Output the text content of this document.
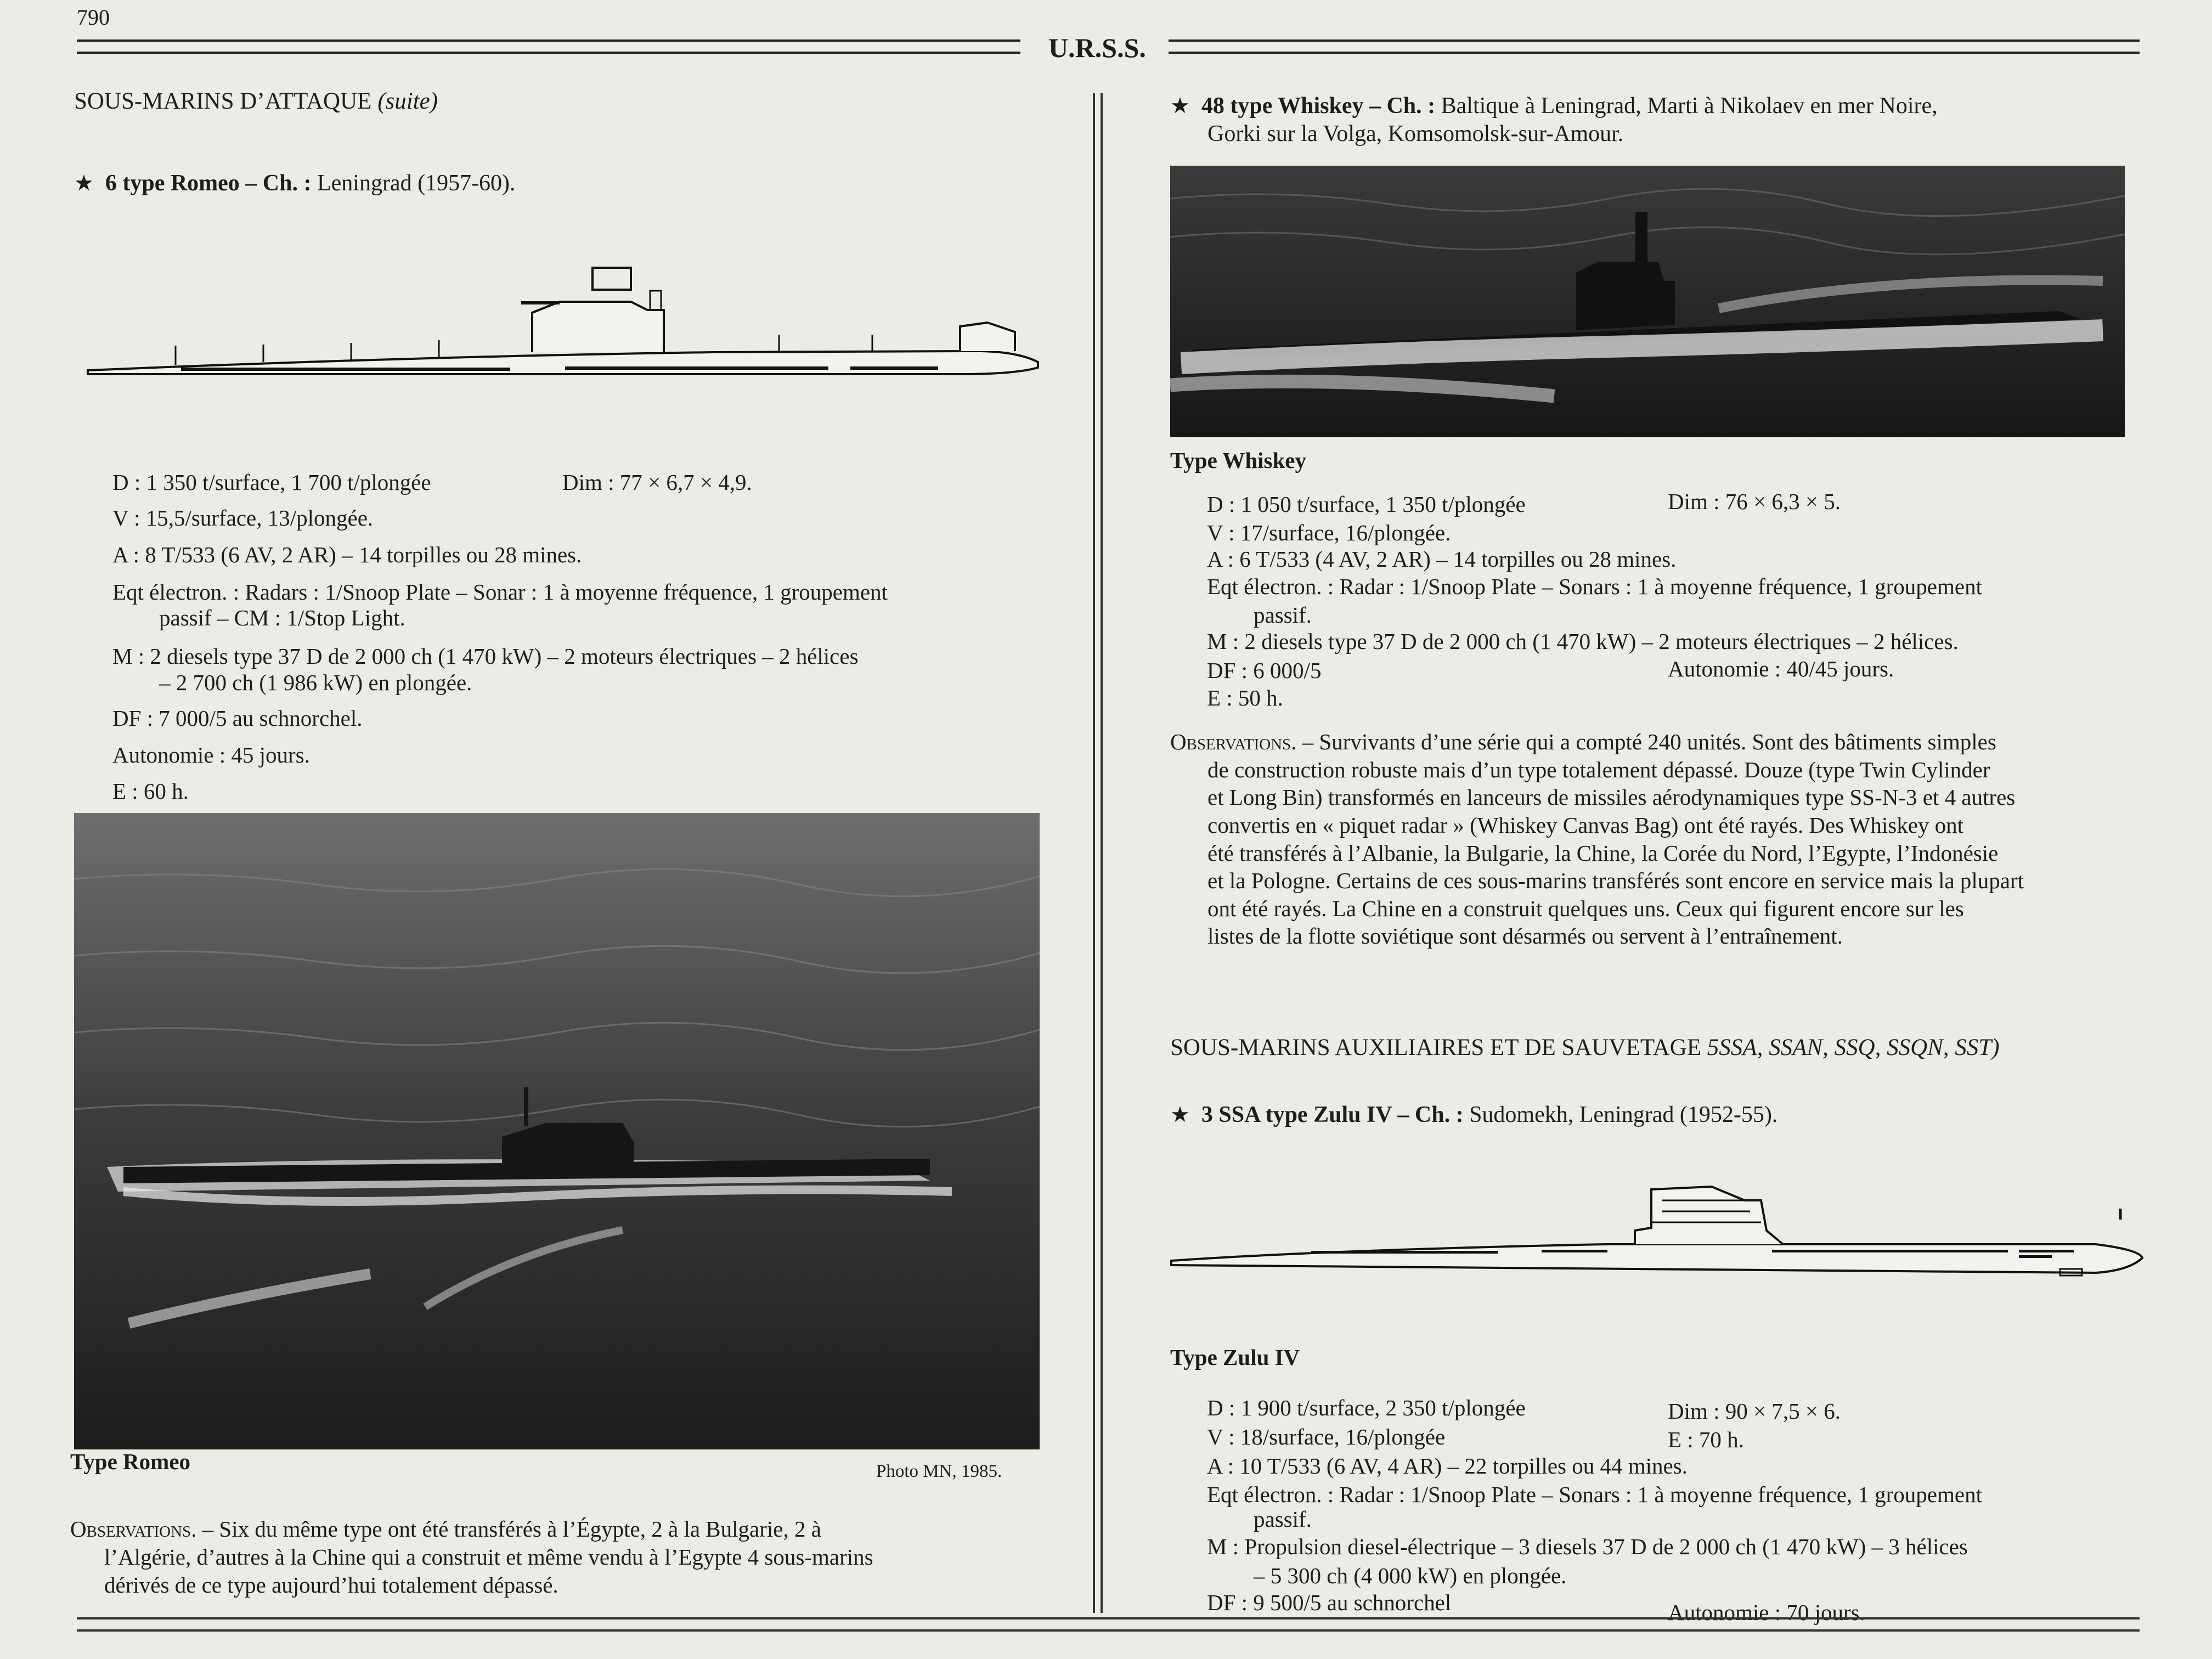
790
U.R.S.S.
SOUS-MARINS D’ATTAQUE (suite)
★ 6 type Romeo – Ch. : Leningrad (1957-60).
D : 1 350 t/surface, 1 700 t/plongée	Dim : 77 × 6,7 × 4,9.
V : 15,5/surface, 13/plongée.
A : 8 T/533 (6 AV, 2 AR) – 14 torpilles ou 28 mines.
Eqt électron. : Radars : 1/Snoop Plate – Sonar : 1 à moyenne fréquence, 1 groupement
passif – CM : 1/Stop Light.
M : 2 diesels type 37 D de 2 000 ch (1 470 kW) – 2 moteurs électriques – 2 hélices
– 2 700 ch (1 986 kW) en plongée.
DF : 7 000/5 au schnorchel.
Autonomie : 45 jours.
E : 60 h.
Type Romeo	Photo MN, 1985.
Observations. – Six du même type ont été transférés à l’Égypte, 2 à la Bulgarie, 2 à
l’Algérie, d’autres à la Chine qui a construit et même vendu à l’Egypte 4 sous-marins
dérivés de ce type aujourd’hui totalement dépassé.
★ 48 type Whiskey – Ch. : Baltique à Leningrad, Marti à Nikolaev en mer Noire,
Gorki sur la Volga, Komsomolsk-sur-Amour.
Type Whiskey
D : 1 050 t/surface, 1 350 t/plongée	Dim : 76 × 6,3 × 5.
V : 17/surface, 16/plongée.
A : 6 T/533 (4 AV, 2 AR) – 14 torpilles ou 28 mines.
Eqt électron. : Radar : 1/Snoop Plate – Sonars : 1 à moyenne fréquence, 1 groupement
passif.
M : 2 diesels type 37 D de 2 000 ch (1 470 kW) – 2 moteurs électriques – 2 hélices.
DF : 6 000/5	Autonomie : 40/45 jours.
E : 50 h.
Observations. – Survivants d’une série qui a compté 240 unités. Sont des bâtiments simples
de construction robuste mais d’un type totalement dépassé. Douze (type Twin Cylinder
et Long Bin) transformés en lanceurs de missiles aérodynamiques type SS-N-3 et 4 autres
convertis en « piquet radar » (Whiskey Canvas Bag) ont été rayés. Des Whiskey ont
été transférés à l’Albanie, la Bulgarie, la Chine, la Corée du Nord, l’Egypte, l’Indonésie
et la Pologne. Certains de ces sous-marins transférés sont encore en service mais la plupart
ont été rayés. La Chine en a construit quelques uns. Ceux qui figurent encore sur les
listes de la flotte soviétique sont désarmés ou servent à l’entraînement.
SOUS-MARINS AUXILIAIRES ET DE SAUVETAGE 5SSA, SSAN, SSQ, SSQN, SST)
★ 3 SSA type Zulu IV – Ch. : Sudomekh, Leningrad (1952-55).
Type Zulu IV
D : 1 900 t/surface, 2 350 t/plongée	Dim : 90 × 7,5 × 6.
V : 18/surface, 16/plongée	E : 70 h.
A : 10 T/533 (6 AV, 4 AR) – 22 torpilles ou 44 mines.
Eqt électron. : Radar : 1/Snoop Plate – Sonars : 1 à moyenne fréquence, 1 groupement
passif.
M : Propulsion diesel-électrique – 3 diesels 37 D de 2 000 ch (1 470 kW) – 3 hélices
– 5 300 ch (4 000 kW) en plongée.
DF : 9 500/5 au schnorchel	Autonomie : 70 jours.
